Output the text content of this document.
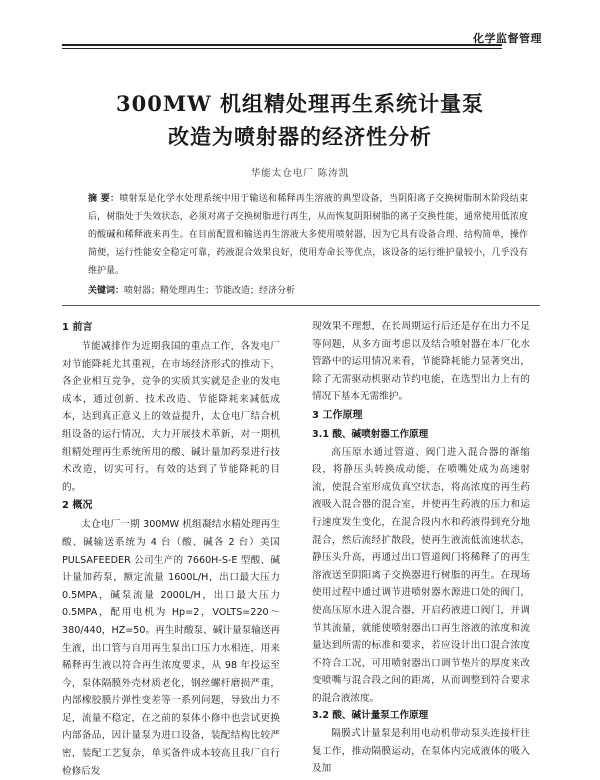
化学监督管理
300MW 机组精处理再生系统计量泵
改造为喷射器的经济性分析
华能太仓电厂 陈涛凯
摘 要：喷射泵是化学水处理系统中用于输送和稀释再生溶液的典型设备，当阴阳离子交换树脂制木阶段结束后，树脂处于失效状态，必须对离子交换树脂进行再生，从而恢复阴阳树脂的离子交换性能，通常使用低浓度的酸碱和稀释液来再生。在目前配置和输送再生溶液大多使用喷射器，因为它具有设备合理、结构简单，操作简便，运行性能安全稳定可靠，药液混合效果良好，使用寿命长等优点，该设备的运行维护量较小，几乎没有维护量。
关键词：喷射器；精处理再生；节能改造；经济分析
1 前言

节能减排作为近期我国的重点工作，各发电厂对节能降耗尤其重视，在市场经济形式的推动下，各企业相互竞争，竞争的实质其实就是企业的发电成本，通过创新、技术改造、节能降耗来减低成本，达到真正意义上的效益提升，太仓电厂结合机组设备的运行情况，大力开展技术革新，对一期机组精处理再生系统所用的酸、碱计量加药泵进行技术改造，切实可行，有效的达到了节能降耗的目的。

2 概况

太仓电厂一期 300MW 机组凝结水精处理再生酸、碱输送系统为 4 台（酸、碱各 2 台）美国PULSAFEEDER 公司生产的 7660H-S-E 型酸、碱计量加药泵，额定流量 1600L/H，出口最大压力0.5MPA，碱泵流量 2000L/H，出口最大压力0.5MPA，配用电机为 Hp=2，VOLTS=220～380/440，HZ=50。再生时酸泵、碱计量泵输送再生液，出口管与自用再生泵出口压力水相连，用来稀释再生液以符合再生浓度要求，从 98 年投运至今，泵体隔膜外壳材质老化，钢丝螺杆磨损严重，内部橡胶膜片弹性变差等一系列问题，导致出力不足，流量不稳定，在之前的泵体小修中也尝试更换内部备品，因计量泵为进口设备，装配结构比较严密，装配工艺复杂，单买备件成本较高且我厂自行检修后发

现效果不理想，在长周期运行后还是存在出力不足等问题，从多方面考虑以及结合喷射器在本厂化水管路中的运用情况来看，节能降耗能力显著突出，除了无需驱动机驱动节约电能，在选型出力上有的情况下基本无需维护。

3 工作原理
3.1 酸、碱喷射器工作原理

高压原水通过管道、阀门进入混合器的渐缩段，将静压头转换成动能，在喷嘴处成为高速射流，使混合室形成负真空状态，将高浓度的再生药液吸入混合器的混合室，并使再生药液的压力和运行速度发生变化，在混合段内水和药液得到充分地混合，然后流经扩散段，使再生液流低流速状态，静压头升高，再通过出口管道阀门将稀释了的再生溶液送至阴阳离子交换器进行树脂的再生。在现场使用过程中通过调节进喷射器水源进口处的阀门，使高压原水进入混合器，开启药液进口阀门，并调节其流量，就能使喷射器出口再生溶液的浓度和流量达到所需的标准和要求，若应设计出口混合浓度不符合工况，可用喷射器出口调节垫片的厚度来改变喷嘴与混合段之间的距离，从而调整到符合要求的混合液浓度。

3.2 酸、碱计量泵工作原理

隔膜式计量泵是利用电动机带动泵头连接杆往复工作，推动隔膜运动，在泵体内完成液体的吸入及加
